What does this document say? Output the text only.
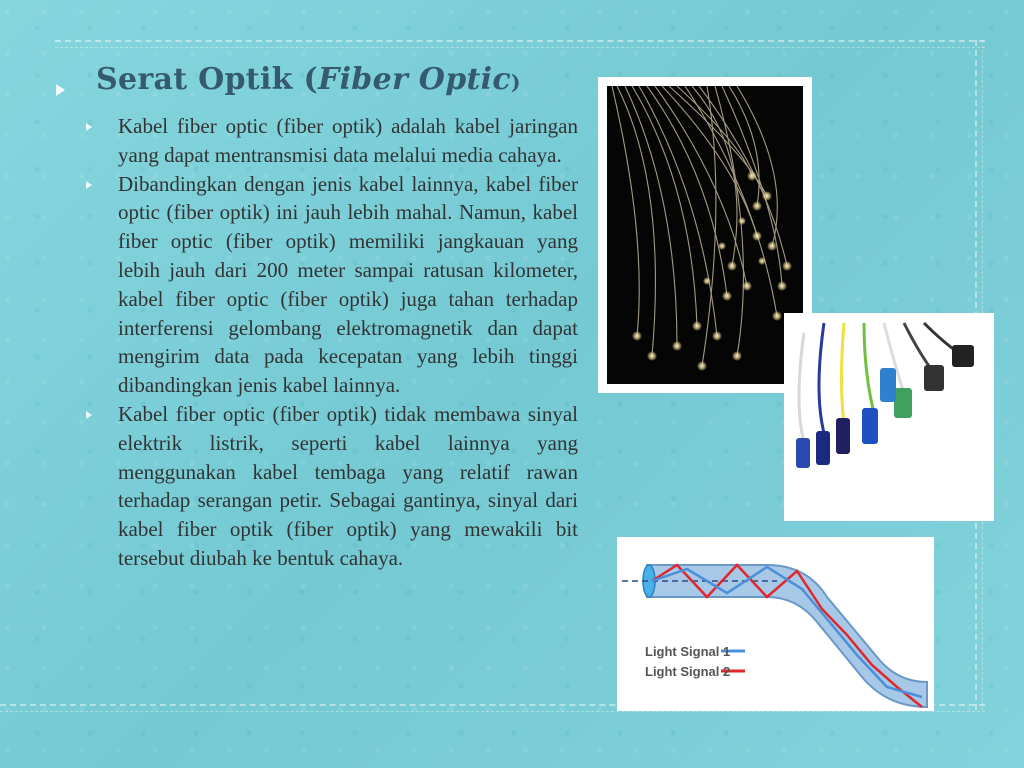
Serat Optik (Fiber Optic)

Kabel fiber optic (fiber optik) adalah kabel jaringan yang dapat mentransmisi data melalui media cahaya.

Dibandingkan dengan jenis kabel lainnya, kabel fiber optic (fiber optik) ini jauh lebih mahal. Namun, kabel fiber optic (fiber optik) memiliki jangkauan yang lebih jauh dari 200 meter sampai ratusan kilometer, kabel fiber optic (fiber optik) juga tahan terhadap interferensi gelombang elektromagnetik dan dapat mengirim data pada kecepatan yang lebih tinggi dibandingkan jenis kabel lainnya.

Kabel fiber optic (fiber optik) tidak membawa sinyal elektrik listrik, seperti kabel lainnya yang menggunakan kabel tembaga yang relatif rawan terhadap serangan petir. Sebagai gantinya, sinyal dari kabel fiber optik (fiber optik) yang mewakili bit tersebut diubah ke bentuk cahaya.

Light Signal 1
Light Signal 2
